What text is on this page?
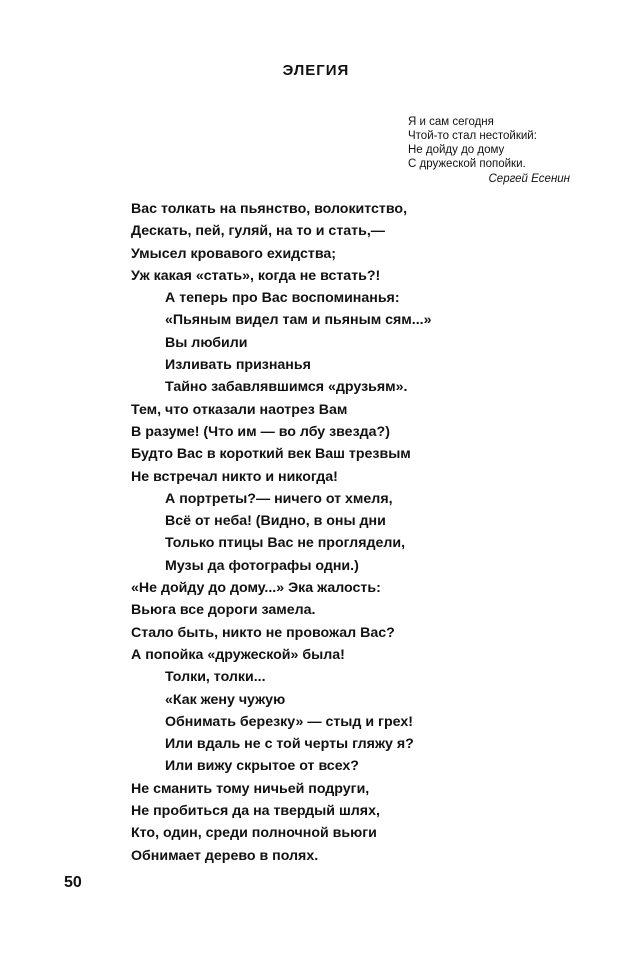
ЭЛЕГИЯ
Я и сам сегодня
Чтой-то стал нестойкий:
Не дойду до дому
С дружеской попойки.
Сергей Есенин
Вас толкать на пьянство, волокитство,
Дескать, пей, гуляй, на то и стать,—
Умысел кровавого ехидства;
Уж какая «стать», когда не встать?!
А теперь про Вас воспоминанья:
«Пьяным видел там и пьяным сям...»
Вы любили
Изливать признанья
Тайно забавлявшимся «друзьям».
Тем, что отказали наотрез Вам
В разуме! (Что им — во лбу звезда?)
Будто Вас в короткий век Ваш трезвым
Не встречал никто и никогда!
А портреты?— ничего от хмеля,
Всё от неба! (Видно, в оны дни
Только птицы Вас не проглядели,
Музы да фотографы одни.)
«Не дойду до дому...» Эка жалость:
Вьюга все дороги замела.
Стало быть, никто не провожал Вас?
А попойка «дружеской» была!
Толки, толки...
«Как жену чужую
Обнимать березку» — стыд и грех!
Или вдаль не с той черты гляжу я?
Или вижу скрытое от всех?
Не сманить тому ничьей подруги,
Не пробиться да на твердый шлях,
Кто, один, среди полночной вьюги
Обнимает дерево в полях.
50
